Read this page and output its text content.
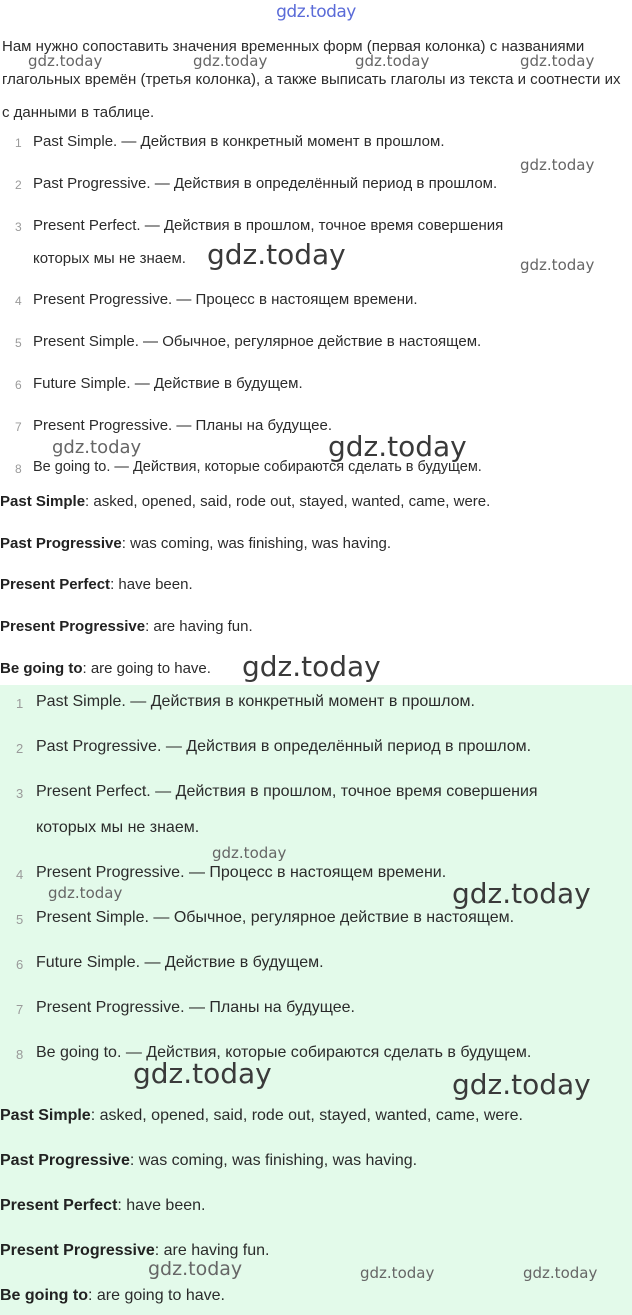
gdz.today
Нам нужно сопоставить значения временных форм (первая колонка) с названиями глагольных времён (третья колонка), а также выписать глаголы из текста и соотнести их с данными в таблице.
1 Past Simple. — Действия в конкретный момент в прошлом.
2 Past Progressive. — Действия в определённый период в прошлом.
3 Present Perfect. — Действия в прошлом, точное время совершения
которых мы не знаем.
4 Present Progressive. — Процесс в настоящем времени.
5 Present Simple. — Обычное, регулярное действие в настоящем.
6 Future Simple. — Действие в будущем.
7 Present Progressive. — Планы на будущее.
8 Be going to. — Действия, которые собираются сделать в будущем.

Past Simple: asked, opened, said, rode out, stayed, wanted, came, were.

Past Progressive: was coming, was finishing, was having.

Present Perfect: have been.

Present Progressive: are having fun.

Be going to: are going to have.

1 Past Simple. — Действия в конкретный момент в прошлом.
2 Past Progressive. — Действия в определённый период в прошлом.
3 Present Perfect. — Действия в прошлом, точное время совершения
которых мы не знаем.
4 Present Progressive. — Процесс в настоящем времени.
5 Present Simple. — Обычное, регулярное действие в настоящем.
6 Future Simple. — Действие в будущем.
7 Present Progressive. — Планы на будущее.
8 Be going to. — Действия, которые собираются сделать в будущем.

Past Simple: asked, opened, said, rode out, stayed, wanted, came, were.

Past Progressive: was coming, was finishing, was having.

Present Perfect: have been.

Present Progressive: are having fun.

Be going to: are going to have.

gdz.today	gdz.today	gdz.today	gdz.today
gdz.today
gdz.today	gdz.today
gdz.today	gdz.today
gdz.today
gdz.today
gdz.today	gdz.today
gdz.today	gdz.today
gdz.today	gdz.today	gdz.today
